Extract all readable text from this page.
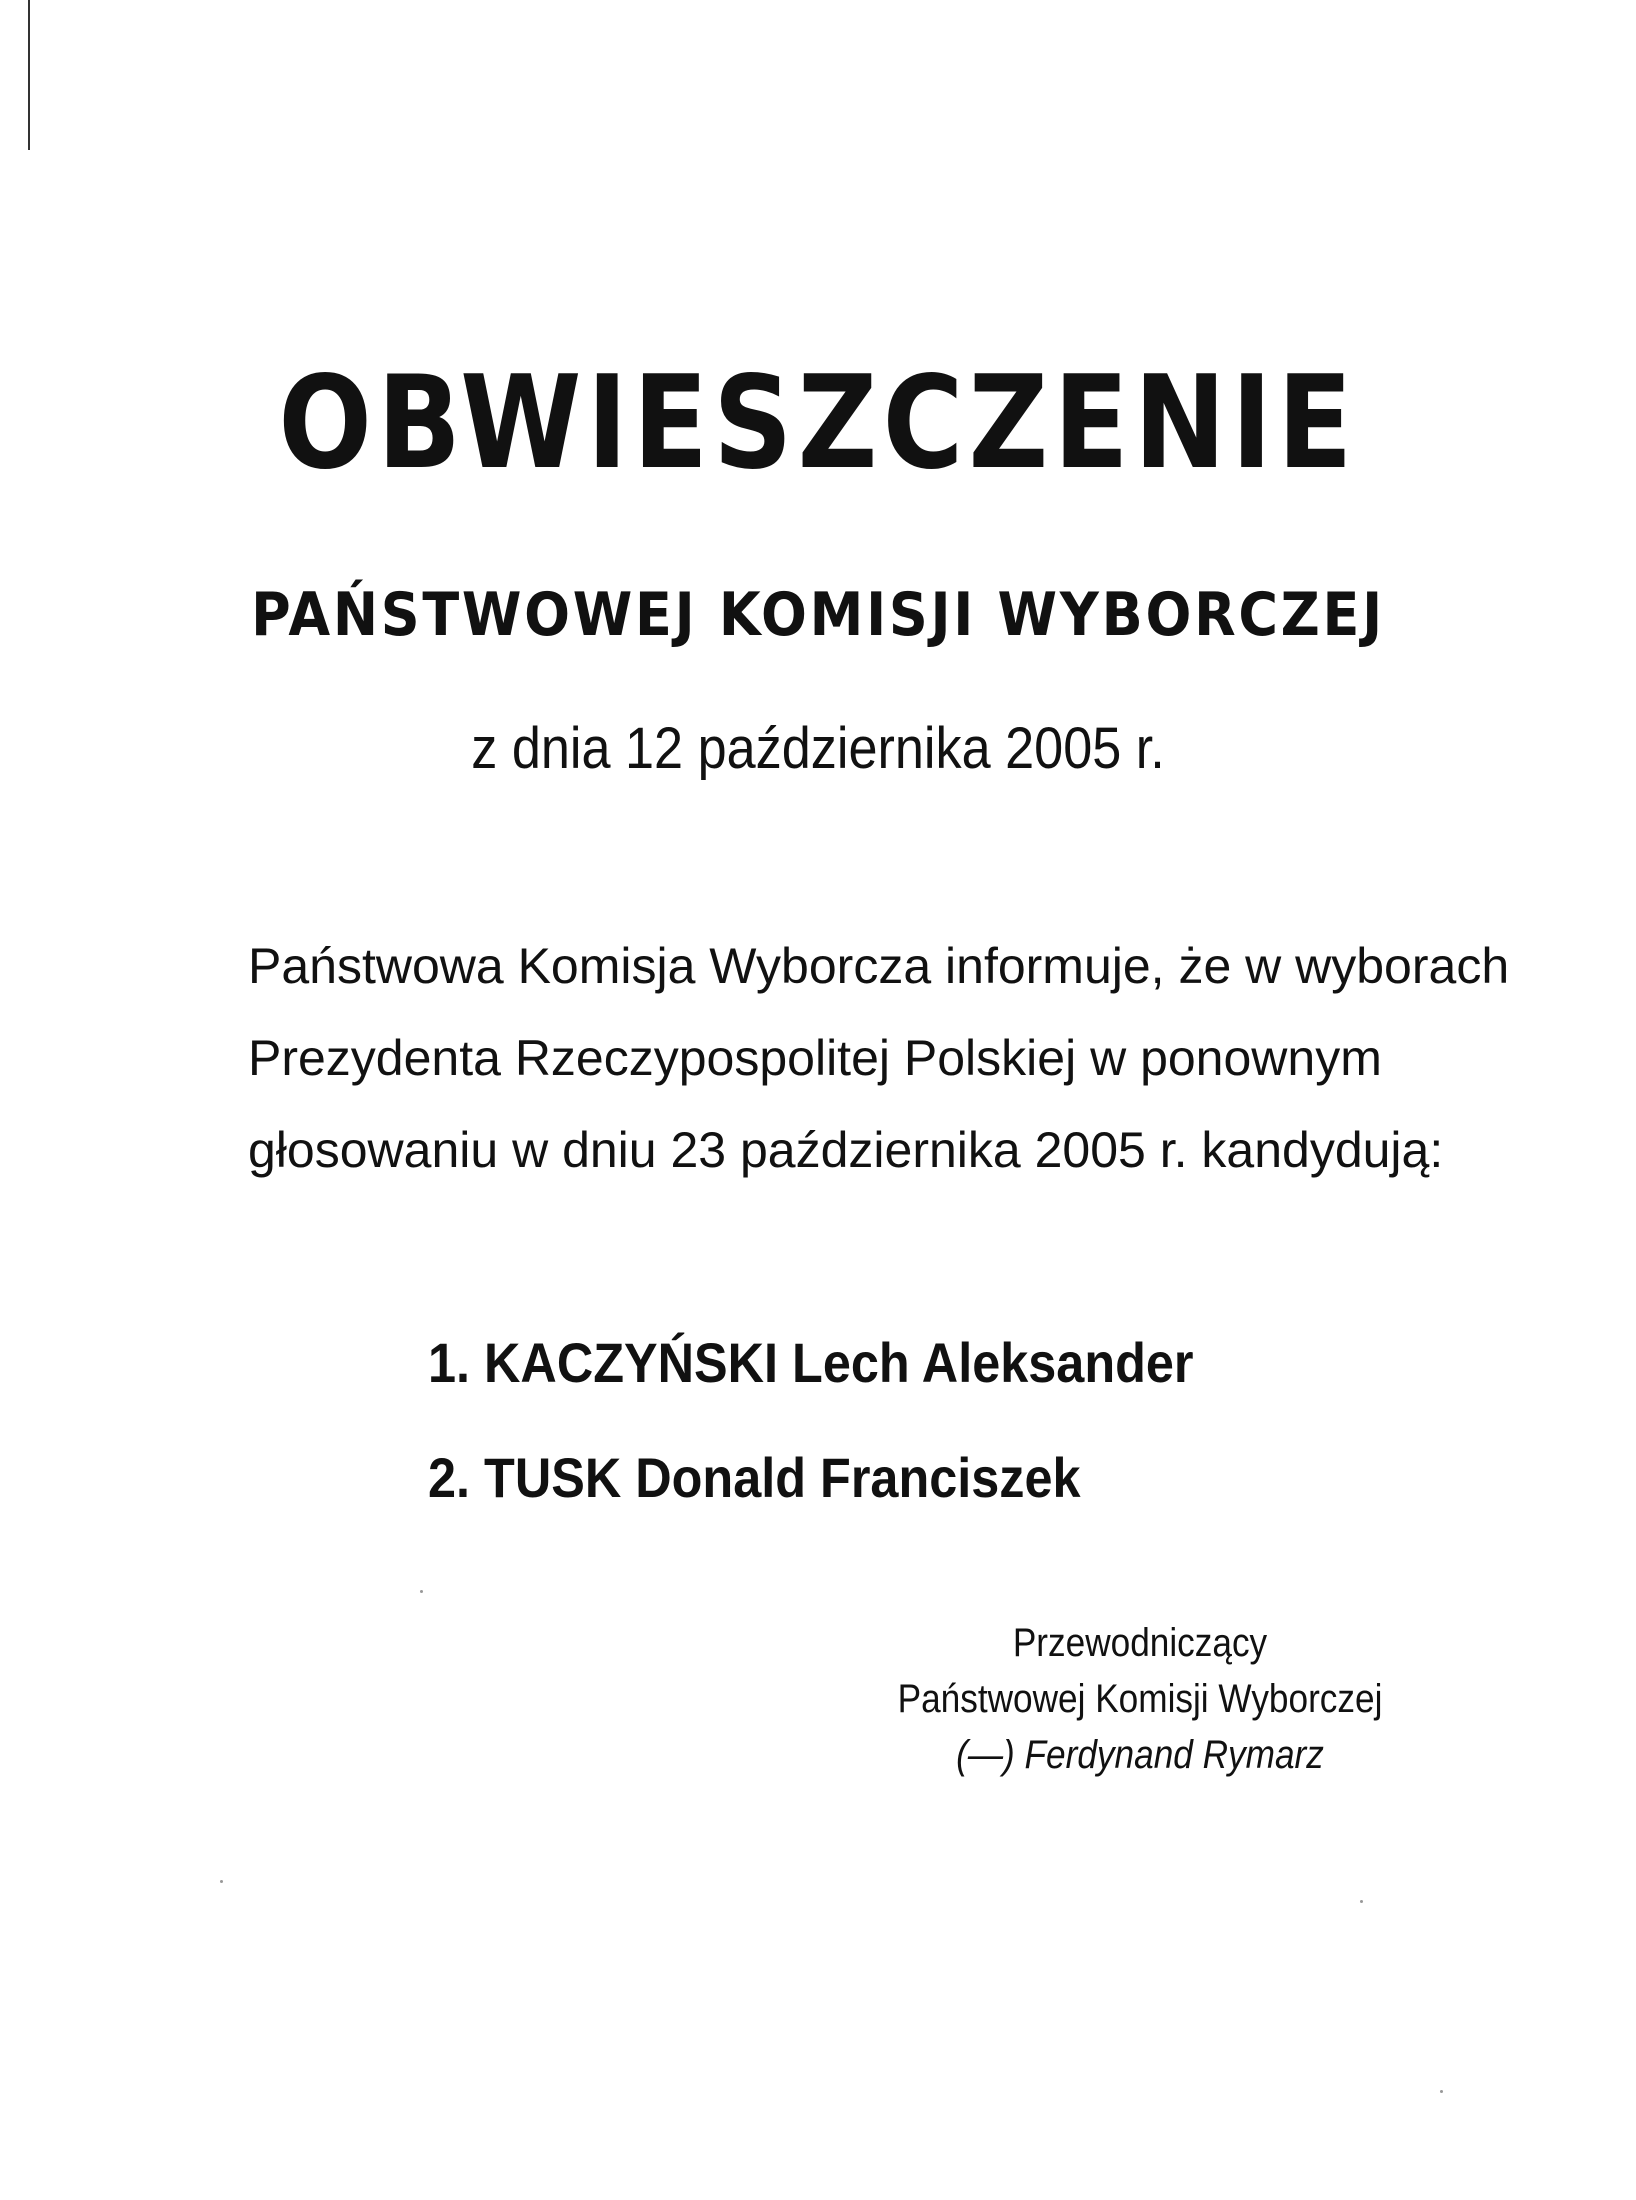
OBWIESZCZENIE
PAŃSTWOWEJ KOMISJI WYBORCZEJ
z dnia 12 października 2005 r.
Państwowa Komisja Wyborcza informuje, że w wyborach
Prezydenta Rzeczypospolitej Polskiej w ponownym
głosowaniu w dniu 23 października 2005 r. kandydują:
1. KACZYŃSKI Lech Aleksander
2. TUSK Donald Franciszek
Przewodniczący
Państwowej Komisji Wyborczej
(—) Ferdynand Rymarz
